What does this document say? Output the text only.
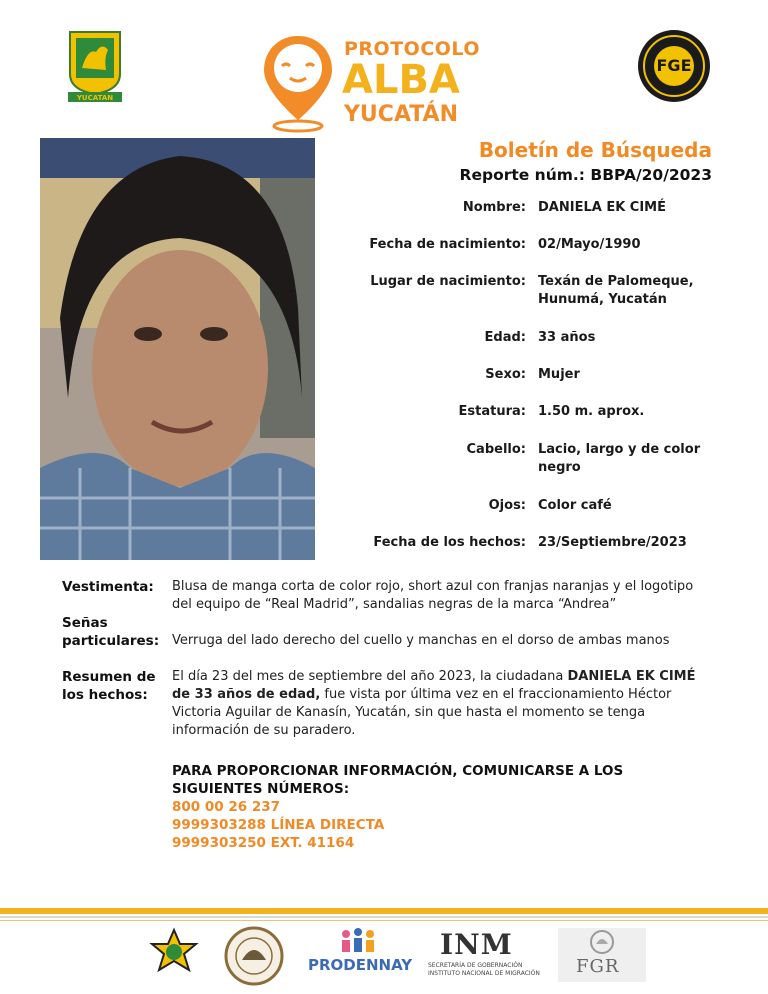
YUCATAN
PROTOCOLO
ALBA
YUCATÁN
FGE
Boletín de Búsqueda
Reporte núm.: BBPA/20/2023
Nombre: DANIELA EK CIMÉ
Fecha de nacimiento: 02/Mayo/1990
Lugar de nacimiento: Texán de Palomeque, Hunumá, Yucatán
Edad: 33 años
Sexo: Mujer
Estatura: 1.50 m. aprox.
Cabello: Lacio, largo y de color negro
Ojos: Color café
Fecha de los hechos: 23/Septiembre/2023
Vestimenta: Blusa de manga corta de color rojo, short azul con franjas naranjas y el logotipo del equipo de “Real Madrid”, sandalias negras de la marca “Andrea”
Señas
particulares: Verruga del lado derecho del cuello y manchas en el dorso de ambas manos
Resumen de
los hechos:
El día 23 del mes de septiembre del año 2023, la ciudadana DANIELA EK CIMÉ de 33 años de edad, fue vista por última vez en el fraccionamiento Héctor Victoria Aguilar de Kanasín, Yucatán, sin que hasta el momento se tenga información de su paradero.
PARA PROPORCIONAR INFORMACIÓN, COMUNICARSE A LOS SIGUIENTES NÚMEROS:
800 00 26 237
9999303288 LÍNEA DIRECTA
9999303250 EXT. 41164
PRODENNAY
INM
SECRETARÍA DE GOBERNACIÓN
INSTITUTO NACIONAL DE MIGRACIÓN FGR
